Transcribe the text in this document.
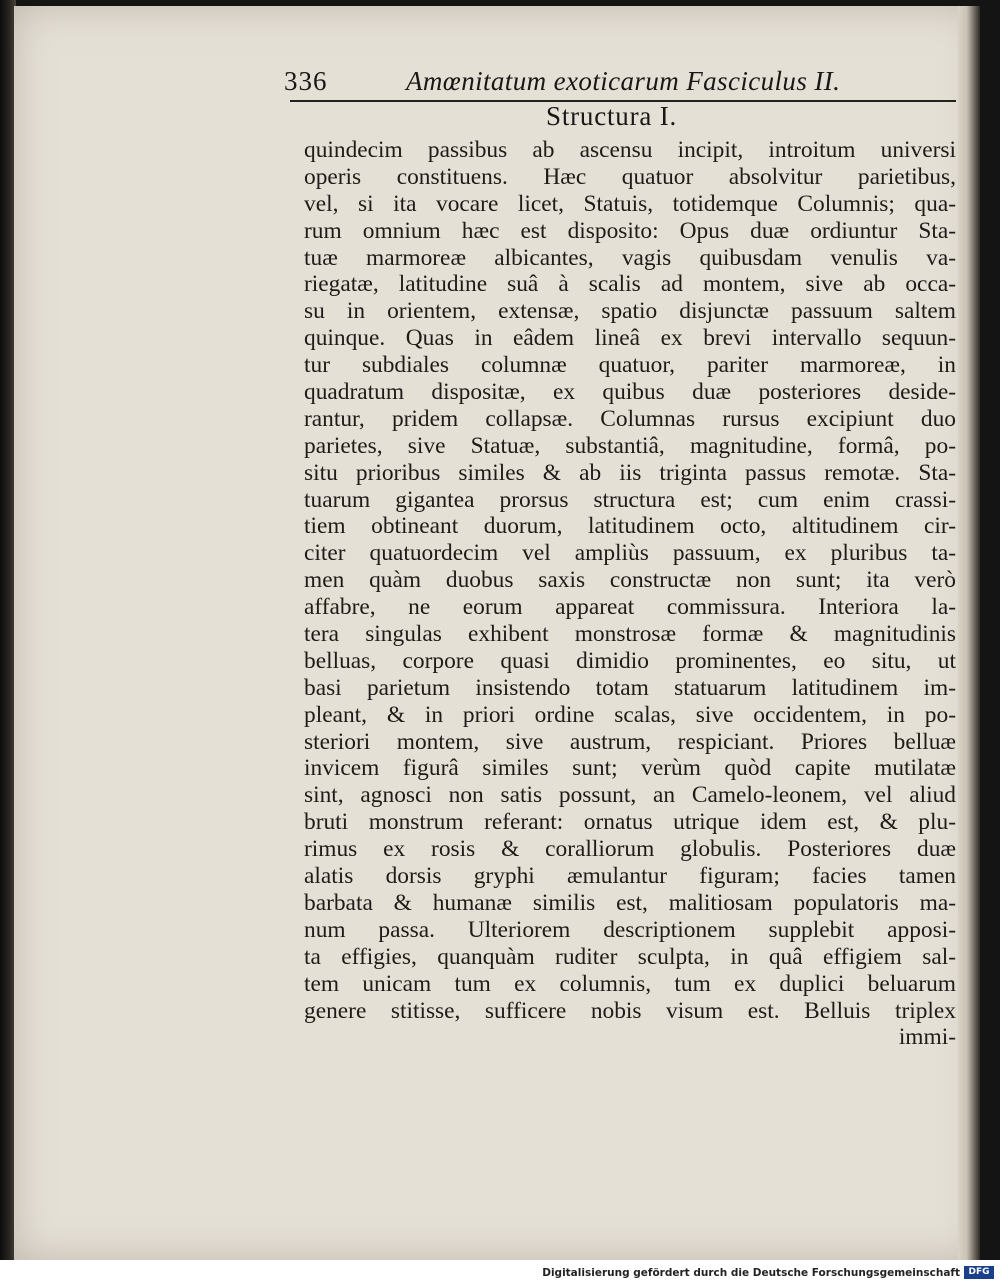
336	Amœnitatum exoticarum Fasciculus II.
Structura I.
quindecim passibus ab ascensu incipit, introitum universi
operis constituens. Hæc quatuor absolvitur parietibus,
vel, si ita vocare licet, Statuis, totidemque Columnis; qua-
rum omnium hæc est disposito: Opus duæ ordiuntur Sta-
tuæ marmoreæ albicantes, vagis quibusdam venulis va-
riegatæ, latitudine suâ à scalis ad montem, sive ab occa-
su in orientem, extensæ, spatio disjunctæ passuum saltem
quinque. Quas in eâdem lineâ ex brevi intervallo sequun-
tur subdiales columnæ quatuor, pariter marmoreæ, in
quadratum dispositæ, ex quibus duæ posteriores deside-
rantur, pridem collapsæ. Columnas rursus excipiunt duo
parietes, sive Statuæ, substantiâ, magnitudine, formâ, po-
situ prioribus similes & ab iis triginta passus remotæ. Sta-
tuarum gigantea prorsus structura est; cum enim crassi-
tiem obtineant duorum, latitudinem octo, altitudinem cir-
citer quatuordecim vel ampliùs passuum, ex pluribus ta-
men quàm duobus saxis constructæ non sunt; ita verò
affabre, ne eorum appareat commissura. Interiora la-
tera singulas exhibent monstrosæ formæ & magnitudinis
belluas, corpore quasi dimidio prominentes, eo situ, ut
basi parietum insistendo totam statuarum latitudinem im-
pleant, & in priori ordine scalas, sive occidentem, in po-
steriori montem, sive austrum, respiciant. Priores belluæ
invicem figurâ similes sunt; verùm quòd capite mutilatæ
sint, agnosci non satis possunt, an Camelo-leonem, vel aliud
bruti monstrum referant: ornatus utrique idem est, & plu-
rimus ex rosis & coralliorum globulis. Posteriores duæ
alatis dorsis gryphi æmulantur figuram; facies tamen
barbata & humanæ similis est, malitiosam populatoris ma-
num passa. Ulteriorem descriptionem supplebit apposi-
ta effigies, quanquàm ruditer sculpta, in quâ effigiem sal-
tem unicam tum ex columnis, tum ex duplici beluarum
genere stitisse, sufficere nobis visum est. Belluis triplex
immi-
Digitalisierung gefördert durch die Deutsche Forschungsgemeinschaft DFG
